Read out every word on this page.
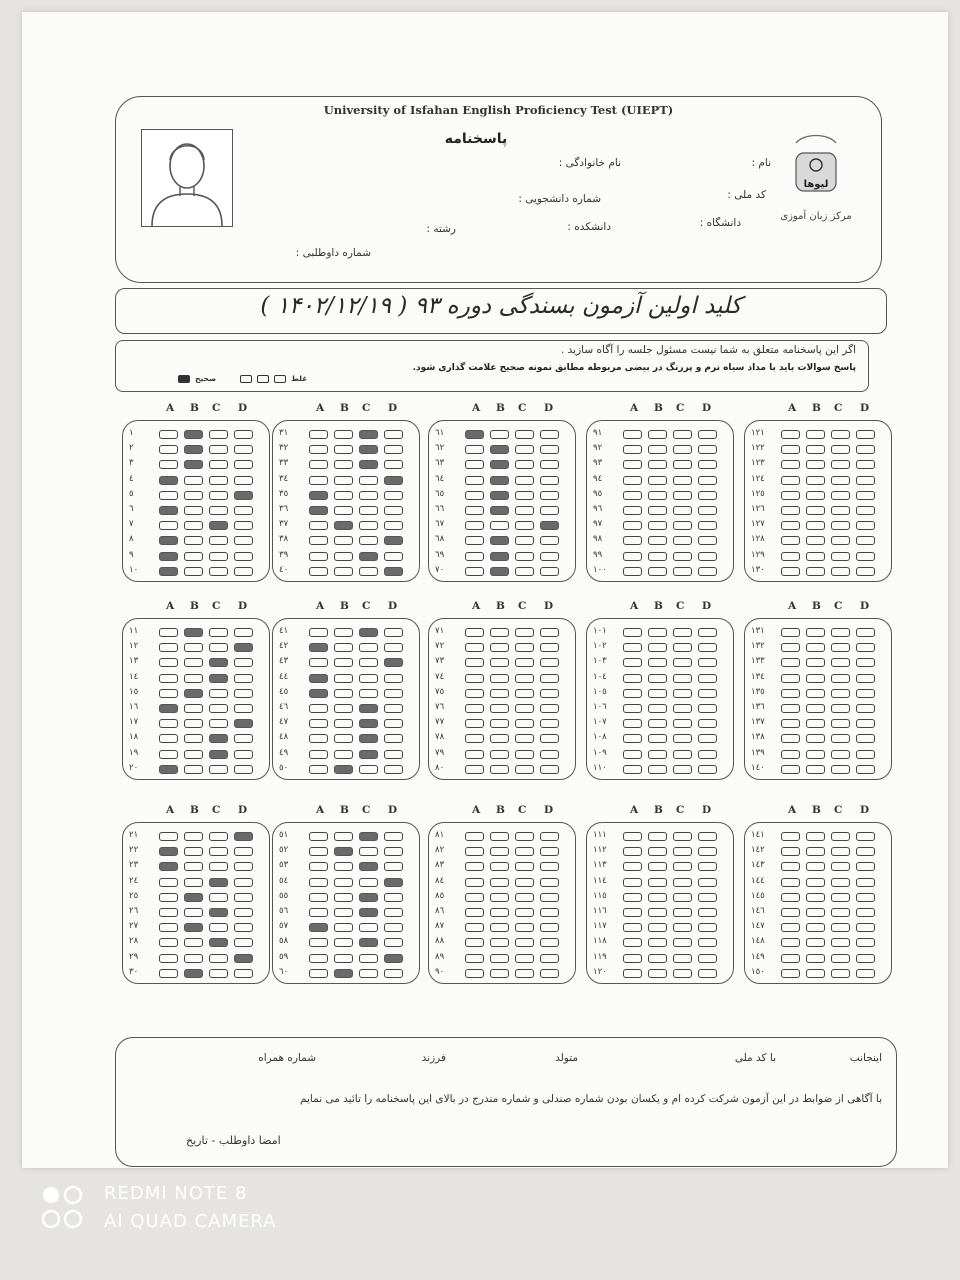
University of Isfahan English Proficiency Test (UIEPT)
پاسخنامه
لیوها
مرکز زبان آموزی
نام :
نام خانوادگی :
کد ملی :
شماره دانشجویی :
دانشگاه :
دانشکده :
رشته :
شماره داوطلبی :
كليد اولين آزمون بسندگی دوره ۹۳ ( ۱۴۰۲/۱۲/۱۹ )
اگر این پاسخنامه متعلق به شما نیست مسئول جلسه را آگاه سازید .
پاسخ سوالات باید با مداد سیاه نرم و پررنگ در بیضی مربوطه مطابق نمونه صحیح علامت گذاری شود.
صحیح	غلط
A B C D
١
٢
٣
٤
٥
٦
٧
٨
٩
١٠
A B C D
٣١
٣٢
٣٣
٣٤
٣٥
٣٦
٣٧
٣٨
٣٩
٤٠
A B C D
٦١
٦٢
٦٣
٦٤
٦٥
٦٦
٦٧
٦٨
٦٩
٧٠
A B C D
٩١
٩٢
٩٣
٩٤
٩٥
٩٦
٩٧
٩٨
٩٩
١٠٠
A B C D
١٢١
١٢٢
١٢٣
١٢٤
١٢٥
١٢٦
١٢٧
١٢٨
١٢٩
١٣٠
A B C D
١١
١٢
١٣
١٤
١٥
١٦
١٧
١٨
١٩
٢٠
A B C D
٤١
٤٢
٤٣
٤٤
٤٥
٤٦
٤٧
٤٨
٤٩
٥٠
A B C D
٧١
٧٢
٧٣
٧٤
٧٥
٧٦
٧٧
٧٨
٧٩
٨٠
A B C D
١٠١
١٠٢
١٠٣
١٠٤
١٠٥
١٠٦
١٠٧
١٠٨
١٠٩
١١٠
A B C D
١٣١
١٣٢
١٣٣
١٣٤
١٣٥
١٣٦
١٣٧
١٣٨
١٣٩
١٤٠
A B C D
٢١
٢٢
٢٣
٢٤
٢٥
٢٦
٢٧
٢٨
٢٩
٣٠
A B C D
٥١
٥٢
٥٣
٥٤
٥٥
٥٦
٥٧
٥٨
٥٩
٦٠
A B C D
٨١
٨٢
٨٣
٨٤
٨٥
٨٦
٨٧
٨٨
٨٩
٩٠
A B C D
١١١
١١٢
١١٣
١١٤
١١٥
١١٦
١١٧
١١٨
١١٩
١٢٠
A B C D
١٤١
١٤٢
١٤٣
١٤٤
١٤٥
١٤٦
١٤٧
١٤٨
١٤٩
١٥٠
اینجانب
با کد ملی
متولد
فرزند
شماره همراه
با آگاهی از ضوابط در این آزمون شرکت کرده ام و یکسان بودن شماره صندلی و شماره مندرج در بالای این پاسخنامه را تائید می نمایم
امضا داوطلب - تاریخ
REDMI NOTE 8
AI QUAD CAMERA
